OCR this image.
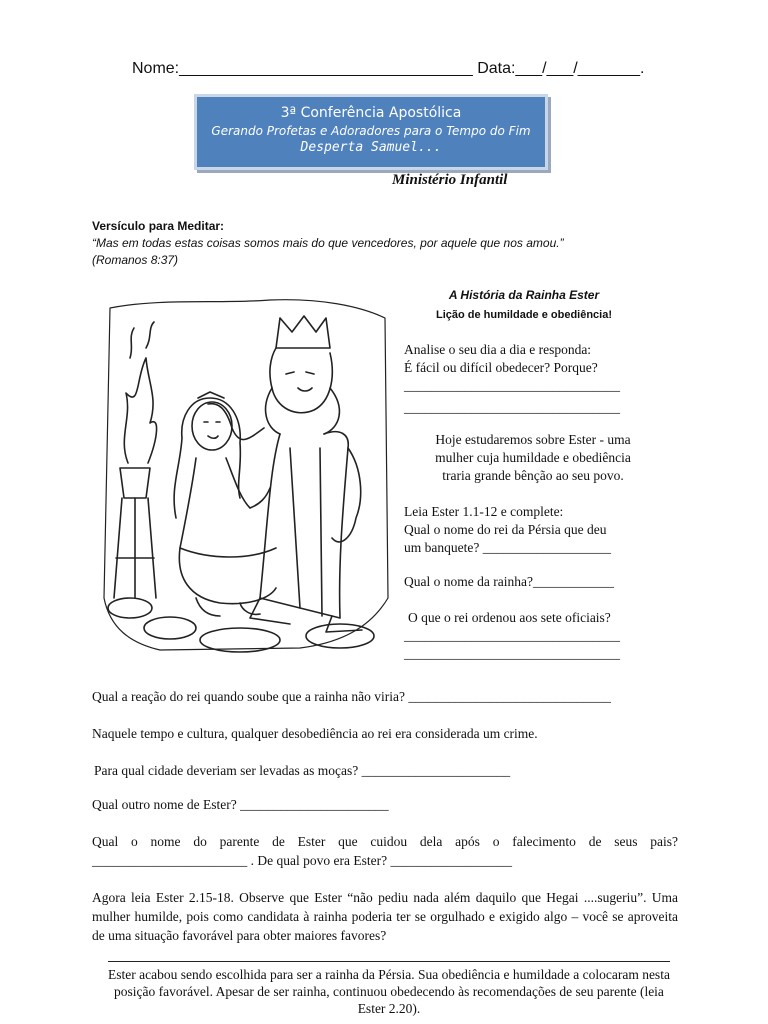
Nome:_________________________________ Data:___/___/_______.
3ª Conferência Apostólica
Gerando Profetas e Adoradores para o Tempo do Fim
Desperta Samuel...
Ministério Infantil
Versículo para Meditar:
“Mas em todas estas coisas somos mais do que vencedores, por aquele que nos amou.”
(Romanos 8:37)
A História da Rainha Ester
Lição de humildade e obediência!
Analise o seu dia a dia e responda:
É fácil ou difícil obedecer? Porque?
________________________________
________________________________
Hoje estudaremos sobre Ester - uma
mulher cuja humildade e obediência
traria grande bênção ao seu povo.
Leia Ester 1.1-12 e complete:
Qual o nome do rei da Pérsia que deu
um banquete? ___________________
Qual o nome da rainha?____________
O que o rei ordenou aos sete oficiais?
________________________________
________________________________
Qual a reação do rei quando soube que a rainha não viria? ______________________________
Naquele tempo e cultura, qualquer desobediência ao rei era considerada um crime.
Para qual cidade deveriam ser levadas as moças? ______________________
Qual outro nome de Ester? ______________________
Qual o nome do parente de Ester que cuidou dela após o falecimento de seus pais?
_______________________ . De qual povo era Ester? __________________
Agora leia Ester 2.15-18. Observe que Ester “não pediu nada além daquilo que Hegai ....sugeriu”. Uma mulher humilde, pois como candidata à rainha poderia ter se orgulhado e exigido algo – você se aproveita de uma situação favorável para obter maiores favores?
Ester acabou sendo escolhida para ser a rainha da Pérsia. Sua obediência e humildade a colocaram nesta posição favorável. Apesar de ser rainha, continuou obedecendo às recomendações de seu parente (leia Ester 2.20).
